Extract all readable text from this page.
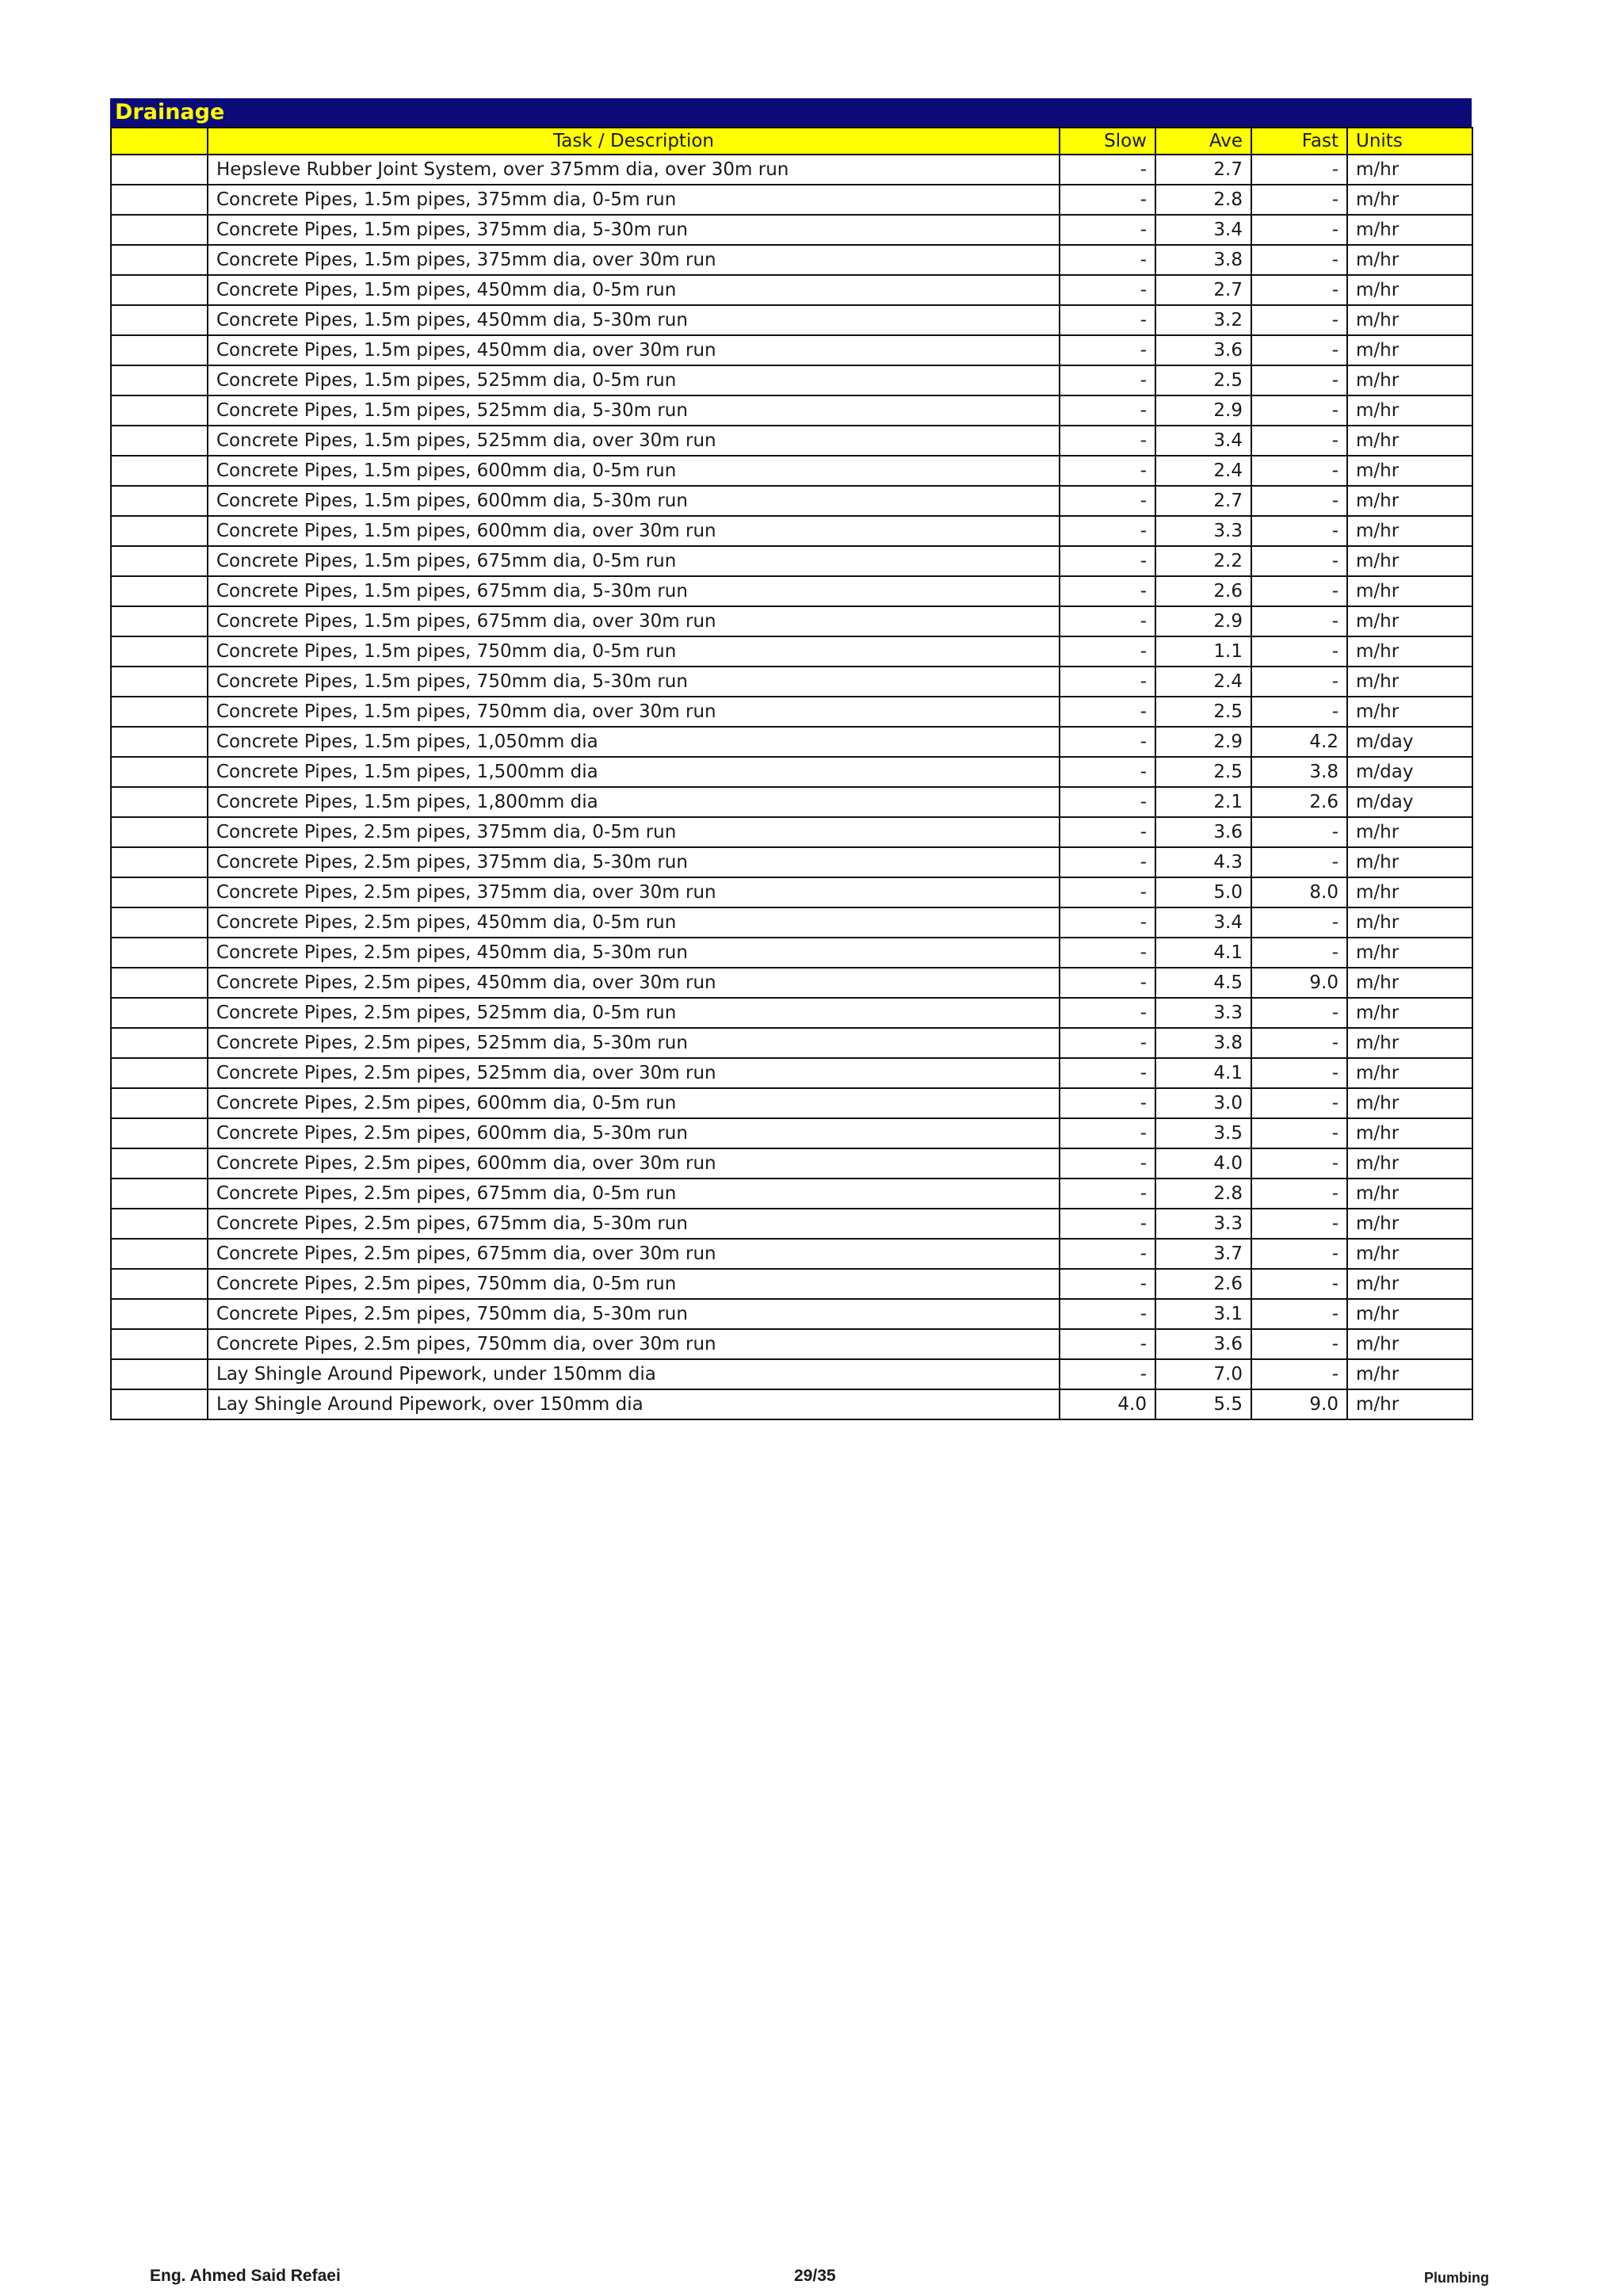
Drainage
	Task / Description	Slow	Ave	Fast	Units
	Hepsleve Rubber Joint System, over 375mm dia, over 30m run	-	2.7	-	m/hr
	Concrete Pipes, 1.5m pipes, 375mm dia, 0-5m run	-	2.8	-	m/hr
	Concrete Pipes, 1.5m pipes, 375mm dia, 5-30m run	-	3.4	-	m/hr
	Concrete Pipes, 1.5m pipes, 375mm dia, over 30m run	-	3.8	-	m/hr
	Concrete Pipes, 1.5m pipes, 450mm dia, 0-5m run	-	2.7	-	m/hr
	Concrete Pipes, 1.5m pipes, 450mm dia, 5-30m run	-	3.2	-	m/hr
	Concrete Pipes, 1.5m pipes, 450mm dia, over 30m run	-	3.6	-	m/hr
	Concrete Pipes, 1.5m pipes, 525mm dia, 0-5m run	-	2.5	-	m/hr
	Concrete Pipes, 1.5m pipes, 525mm dia, 5-30m run	-	2.9	-	m/hr
	Concrete Pipes, 1.5m pipes, 525mm dia, over 30m run	-	3.4	-	m/hr
	Concrete Pipes, 1.5m pipes, 600mm dia, 0-5m run	-	2.4	-	m/hr
	Concrete Pipes, 1.5m pipes, 600mm dia, 5-30m run	-	2.7	-	m/hr
	Concrete Pipes, 1.5m pipes, 600mm dia, over 30m run	-	3.3	-	m/hr
	Concrete Pipes, 1.5m pipes, 675mm dia, 0-5m run	-	2.2	-	m/hr
	Concrete Pipes, 1.5m pipes, 675mm dia, 5-30m run	-	2.6	-	m/hr
	Concrete Pipes, 1.5m pipes, 675mm dia, over 30m run	-	2.9	-	m/hr
	Concrete Pipes, 1.5m pipes, 750mm dia, 0-5m run	-	1.1	-	m/hr
	Concrete Pipes, 1.5m pipes, 750mm dia, 5-30m run	-	2.4	-	m/hr
	Concrete Pipes, 1.5m pipes, 750mm dia, over 30m run	-	2.5	-	m/hr
	Concrete Pipes, 1.5m pipes, 1,050mm dia	-	2.9	4.2	m/day
	Concrete Pipes, 1.5m pipes, 1,500mm dia	-	2.5	3.8	m/day
	Concrete Pipes, 1.5m pipes, 1,800mm dia	-	2.1	2.6	m/day
	Concrete Pipes, 2.5m pipes, 375mm dia, 0-5m run	-	3.6	-	m/hr
	Concrete Pipes, 2.5m pipes, 375mm dia, 5-30m run	-	4.3	-	m/hr
	Concrete Pipes, 2.5m pipes, 375mm dia, over 30m run	-	5.0	8.0	m/hr
	Concrete Pipes, 2.5m pipes, 450mm dia, 0-5m run	-	3.4	-	m/hr
	Concrete Pipes, 2.5m pipes, 450mm dia, 5-30m run	-	4.1	-	m/hr
	Concrete Pipes, 2.5m pipes, 450mm dia, over 30m run	-	4.5	9.0	m/hr
	Concrete Pipes, 2.5m pipes, 525mm dia, 0-5m run	-	3.3	-	m/hr
	Concrete Pipes, 2.5m pipes, 525mm dia, 5-30m run	-	3.8	-	m/hr
	Concrete Pipes, 2.5m pipes, 525mm dia, over 30m run	-	4.1	-	m/hr
	Concrete Pipes, 2.5m pipes, 600mm dia, 0-5m run	-	3.0	-	m/hr
	Concrete Pipes, 2.5m pipes, 600mm dia, 5-30m run	-	3.5	-	m/hr
	Concrete Pipes, 2.5m pipes, 600mm dia, over 30m run	-	4.0	-	m/hr
	Concrete Pipes, 2.5m pipes, 675mm dia, 0-5m run	-	2.8	-	m/hr
	Concrete Pipes, 2.5m pipes, 675mm dia, 5-30m run	-	3.3	-	m/hr
	Concrete Pipes, 2.5m pipes, 675mm dia, over 30m run	-	3.7	-	m/hr
	Concrete Pipes, 2.5m pipes, 750mm dia, 0-5m run	-	2.6	-	m/hr
	Concrete Pipes, 2.5m pipes, 750mm dia, 5-30m run	-	3.1	-	m/hr
	Concrete Pipes, 2.5m pipes, 750mm dia, over 30m run	-	3.6	-	m/hr
	Lay Shingle Around Pipework, under 150mm dia	-	7.0	-	m/hr
	Lay Shingle Around Pipework, over 150mm dia	4.0	5.5	9.0	m/hr
Eng. Ahmed Said Refaei	29/35	Plumbing
